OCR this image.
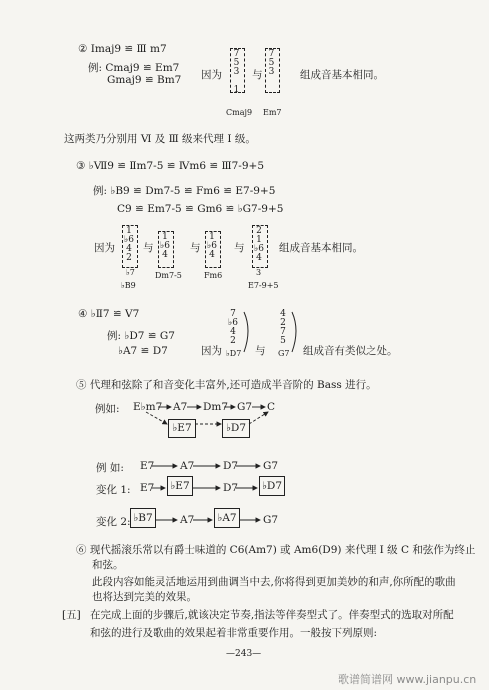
② Imaj9 ≌ Ⅲ m7
例: Cmaj9 ≌ Em7
Gmaj9 ≌ Bm7 因为
7
5
3

1
Cmaj9
与
7
5
3
Em7
组成音基本相同。
这两类乃分别用 Ⅵ 及 Ⅲ 级来代理 Ⅰ 级。
③ ♭Ⅶ9 ≌ Ⅱm7-5 ≌ Ⅳm6 ≌ Ⅲ7-9+5
例: ♭B9 ≌ Dm7-5 ≌ Fm6 ≌ E7-9+5
C9 ≌ Em7-5 ≌ Gm6 ≌ ♭G7-9+5
因为
1
♭6
4
2
♭7
♭B9
与
1
♭6
4
Dm7-5
与
1
♭6
4
Fm6
与
2
1
♭6
4
3
E7-9+5
组成音基本相同。
④ ♭Ⅱ7 ≌ V7
例: ♭D7 ≌ G7
♭A7 ≌ D7	因为
7
♭6
4
2
♭D7 与
4
2
7
5
G7 组成音有类似之处。
⑤ 代理和弦除了和音变化丰富外,还可造成半音阶的 Bass 进行。
例如: E♭m7 A7 Dm7 G7 C
♭E7	♭D7
例 如: E7 A7	D7 G7
变化 1: E7	♭E7	D7 ♭D7
变化 2: ♭B7	A7	♭A7	G7
⑥ 现代摇滚乐常以有爵士味道的 C6(Am7) 或 Am6(D9) 来代理 Ⅰ 级 C 和弦作为终止
和弦。
此段内容如能灵活地运用到曲调当中去,你将得到更加美妙的和声,你所配的歌曲
也将达到完美的效果。
[五] 在完成上面的步骤后,就该决定节奏,指法等伴奏型式了。伴奏型式的选取对所配
和弦的进行及歌曲的效果起着非常重要作用。一般按下列原则:
—243—
歌谱简谱网 www.jianpu.cn
